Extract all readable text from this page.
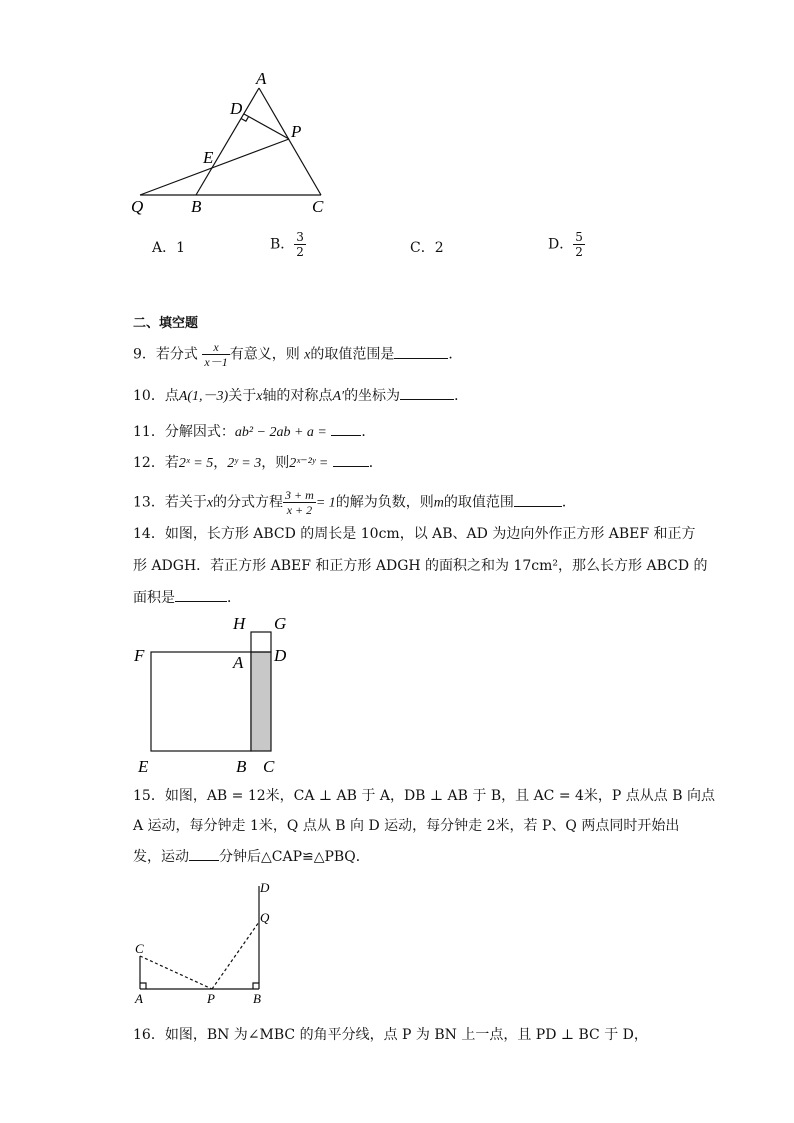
A
D
P
E
Q	B	C
A．1	B． $\frac{3}{2}$	C．2	D． $\frac{5}{2}$
二、填空题
9．若分式 $\frac{x}{x-1}$ 有意义，则 x的取值范围是	．
10．点A(1,－3)关于x轴的对称点A′的坐标为	．
11．分解因式：ab² − 2ab + a = ．
12．若2ˣ = 5，2ʸ = 3，则2ˣ⁻²ʸ =	．
13．若关于x的分式方程 $\frac{3 + m}{x + 2} = 1$的解为负数，则m的取值范围	．
14．如图，长方形 ABCD 的周长是 10cm，以 AB、AD 为边向外作正方形 ABEF 和正方
形 ADGH．若正方形 ABEF 和正方形 ADGH 的面积之和为 17cm²，那么长方形 ABCD 的
面积是	．
H G
F	A D
E	B C
15．如图，AB = 12米，CA ⊥ AB 于 A，DB ⊥ AB 于 B，且 AC = 4米，P 点从点 B 向点
A 运动，每分钟走 1米，Q 点从 B 向 D 运动，每分钟走 2米，若 P、Q 两点同时开始出
发，运动 分钟后△CAP≌△PBQ．
D
Q
C
A	P	B
16．如图，BN 为∠MBC 的角平分线，点 P 为 BN 上一点，且 PD ⊥ BC 于 D，
